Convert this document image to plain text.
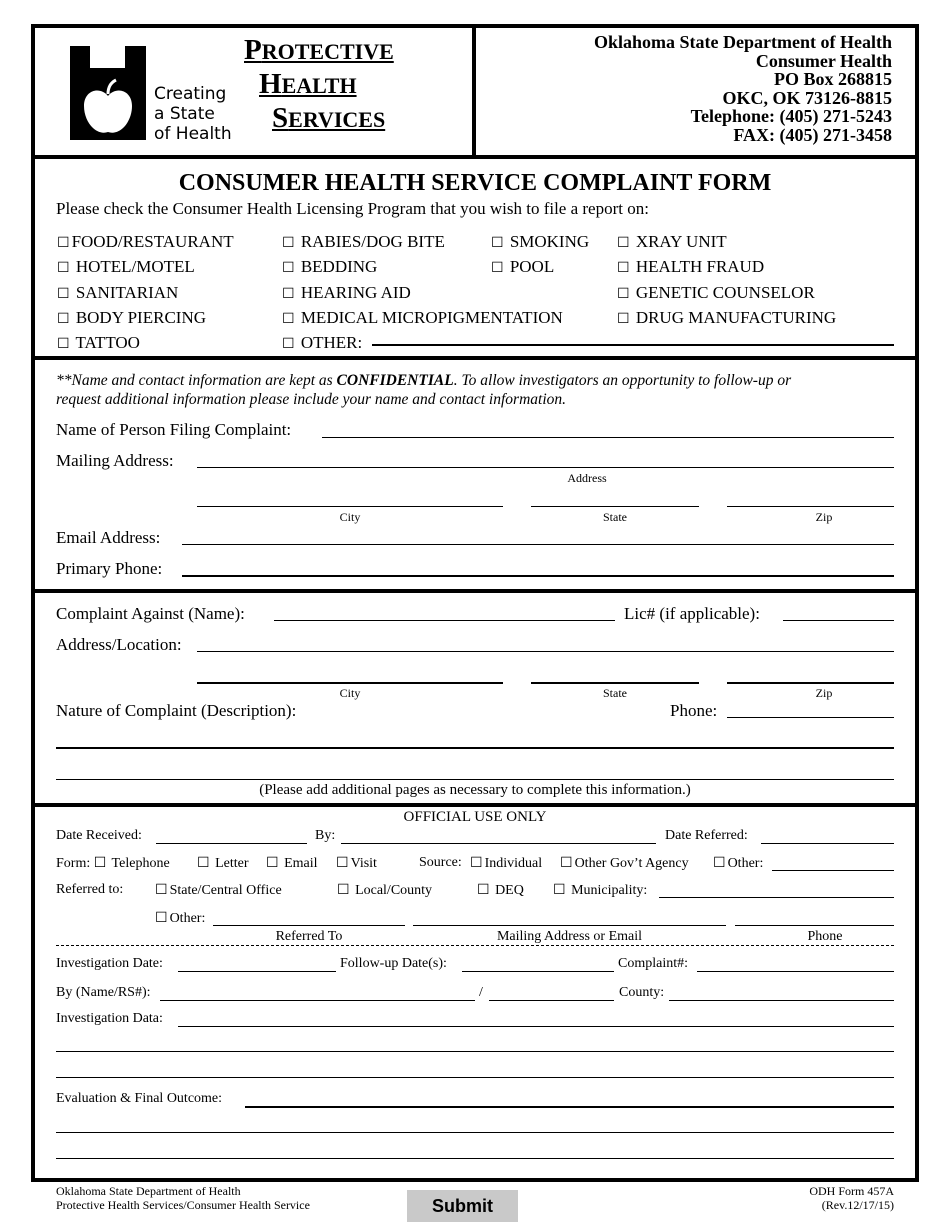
Creating
a State
of Health
PROTECTIVE
HEALTH
SERVICES
Oklahoma State Department of Health
Consumer Health
PO Box 268815
OKC, OK 73126-8815
Telephone: (405) 271-5243
FAX: (405) 271-3458
CONSUMER HEALTH SERVICE COMPLAINT FORM
Please check the Consumer Health Licensing Program that you wish to file a report on:
☐ FOOD/RESTAURANT
☐ HOTEL/MOTEL
☐ SANITARIAN
☐ BODY PIERCING
☐ TATTOO
☐ RABIES/DOG BITE
☐ BEDDING
☐ HEARING AID
☐ MEDICAL MICROPIGMENTATION
☐ OTHER:
☐ SMOKING
☐ POOL
☐ XRAY UNIT
☐ HEALTH FRAUD
☐ GENETIC COUNSELOR
☐ DRUG MANUFACTURING
**Name and contact information are kept as CONFIDENTIAL. To allow investigators an opportunity to follow-up or
request additional information please include your name and contact information.
Name of Person Filing Complaint:
Mailing Address:
Address
City	State	Zip
Email Address:
Primary Phone:
Complaint Against (Name):	Lic# (if applicable):
Address/Location:
City	State	Zip
Nature of Complaint (Description):	Phone:
(Please add additional pages as necessary to complete this information.)
OFFICIAL USE ONLY
Date Received:	By:	Date Referred:
Form: ☐ Telephone ☐ Letter ☐ Email ☐ Visit	Source: ☐ Individual ☐ Other Gov’t Agency ☐ Other:
Referred to: ☐ State/Central Office	☐ Local/County	☐ DEQ ☐ Municipality:
☐ Other:
Referred To	Mailing Address or Email	Phone
Investigation Date:	Follow-up Date(s):	Complaint#:
By (Name/RS#):	/	County:
Investigation Data:
Evaluation & Final Outcome:
Oklahoma State Department of Health
Protective Health Services/Consumer Health Service	Submit
ODH Form 457A
(Rev.12/17/15)
